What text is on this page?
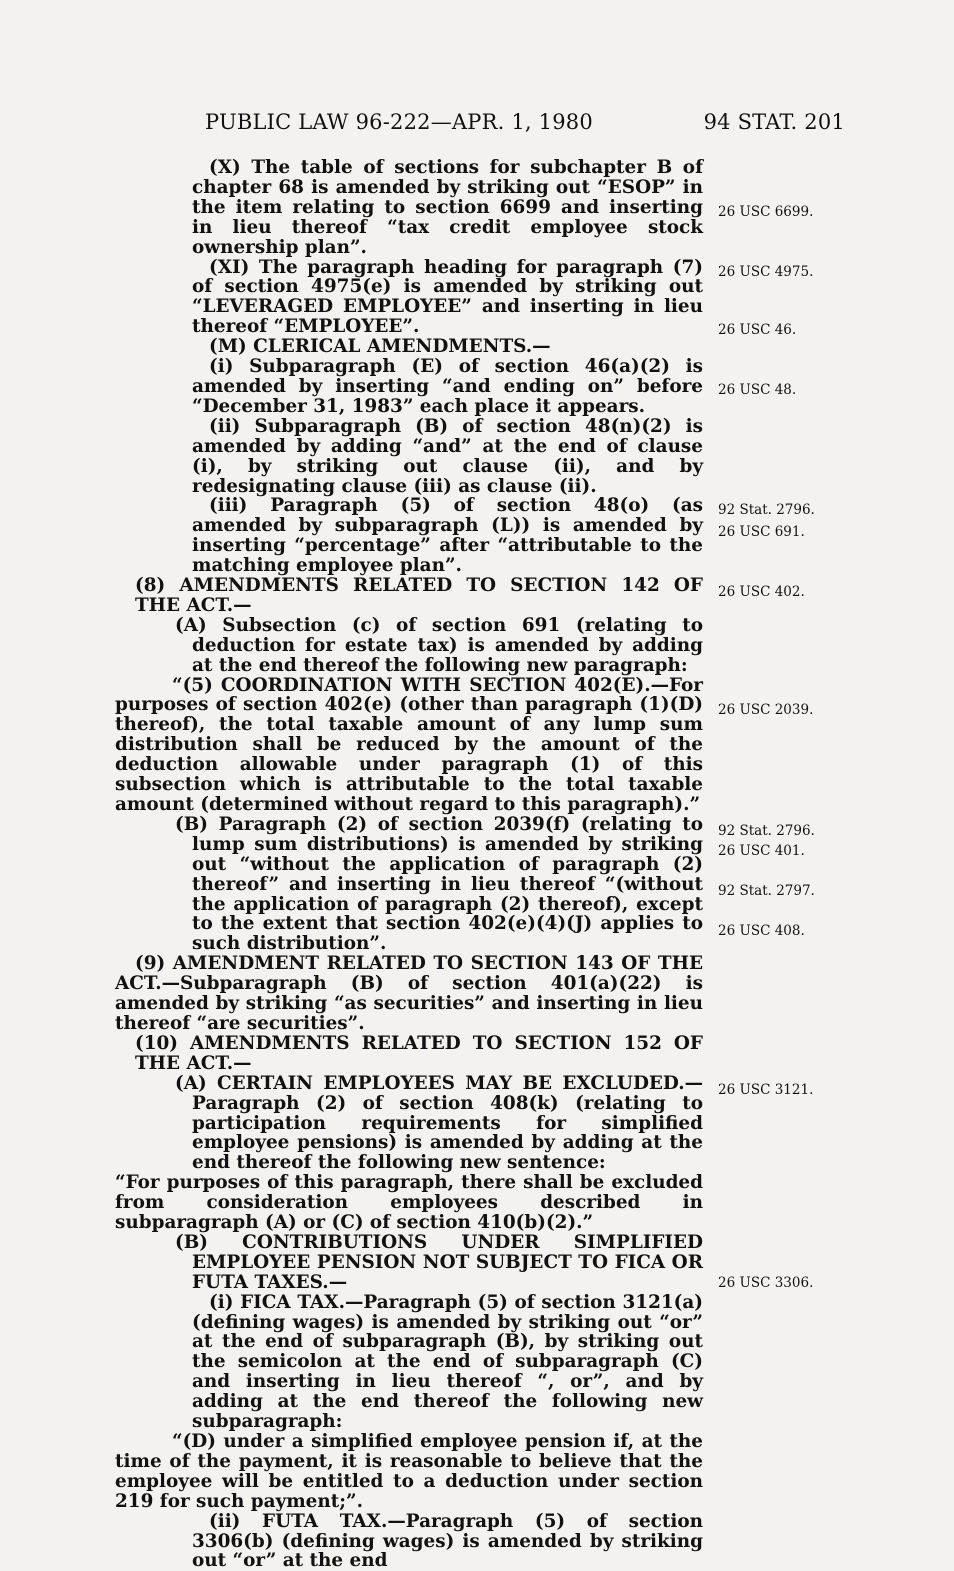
PUBLIC LAW 96-222—APR. 1, 1980	94 STAT. 201

(X) The table of sections for subchapter B of chapter 68 is amended by striking out “ESOP” in the item relating to section 6699 and inserting in lieu thereof “tax credit employee stock ownership plan”.

(XI) The paragraph heading for paragraph (7) of section 4975(e) is amended by striking out “LEVERAGED EMPLOYEE” and inserting in lieu thereof “EMPLOYEE”.

(M) CLERICAL AMENDMENTS.—

(i) Subparagraph (E) of section 46(a)(2) is amended by inserting “and ending on” before “December 31, 1983” each place it appears.

(ii) Subparagraph (B) of section 48(n)(2) is amended by adding “and” at the end of clause (i), by striking out clause (ii), and by redesignating clause (iii) as clause (ii).

(iii) Paragraph (5) of section 48(o) (as amended by subparagraph (L)) is amended by inserting “percentage” after “attributable to the matching employee plan”.

(8) AMENDMENTS RELATED TO SECTION 142 OF THE ACT.—

(A) Subsection (c) of section 691 (relating to deduction for estate tax) is amended by adding at the end thereof the following new paragraph:

“(5) COORDINATION WITH SECTION 402(E).—For purposes of section 402(e) (other than paragraph (1)(D) thereof), the total taxable amount of any lump sum distribution shall be reduced by the amount of the deduction allowable under paragraph (1) of this subsection which is attributable to the total taxable amount (determined without regard to this paragraph).”

(B) Paragraph (2) of section 2039(f) (relating to lump sum distributions) is amended by striking out “without the application of paragraph (2) thereof” and inserting in lieu thereof “(without the application of paragraph (2) thereof), except to the extent that section 402(e)(4)(J) applies to such distribution”.

(9) AMENDMENT RELATED TO SECTION 143 OF THE ACT.—Subparagraph (B) of section 401(a)(22) is amended by striking “as securities” and inserting in lieu thereof “are securities”.

(10) AMENDMENTS RELATED TO SECTION 152 OF THE ACT.—

(A) CERTAIN EMPLOYEES MAY BE EXCLUDED.—Paragraph (2) of section 408(k) (relating to participation requirements for simplified employee pensions) is amended by adding at the end thereof the following new sentence:

“For purposes of this paragraph, there shall be excluded from consideration employees described in subparagraph (A) or (C) of section 410(b)(2).”

(B) CONTRIBUTIONS UNDER SIMPLIFIED EMPLOYEE PENSION NOT SUBJECT TO FICA OR FUTA TAXES.—

(i) FICA TAX.—Paragraph (5) of section 3121(a) (defining wages) is amended by striking out “or” at the end of subparagraph (B), by striking out the semicolon at the end of subparagraph (C) and inserting in lieu thereof “, or”, and by adding at the end thereof the following new subparagraph:

“(D) under a simplified employee pension if, at the time of the payment, it is reasonable to believe that the employee will be entitled to a deduction under section 219 for such payment;”.

(ii) FUTA TAX.—Paragraph (5) of section 3306(b) (defining wages) is amended by striking out “or” at the end

26 USC 6699.
26 USC 4975.
26 USC 46.
26 USC 48.
92 Stat. 2796.
26 USC 691.
26 USC 402.
26 USC 2039.
92 Stat. 2796.
26 USC 401.
92 Stat. 2797.
26 USC 408.
26 USC 3121.
26 USC 3306.
